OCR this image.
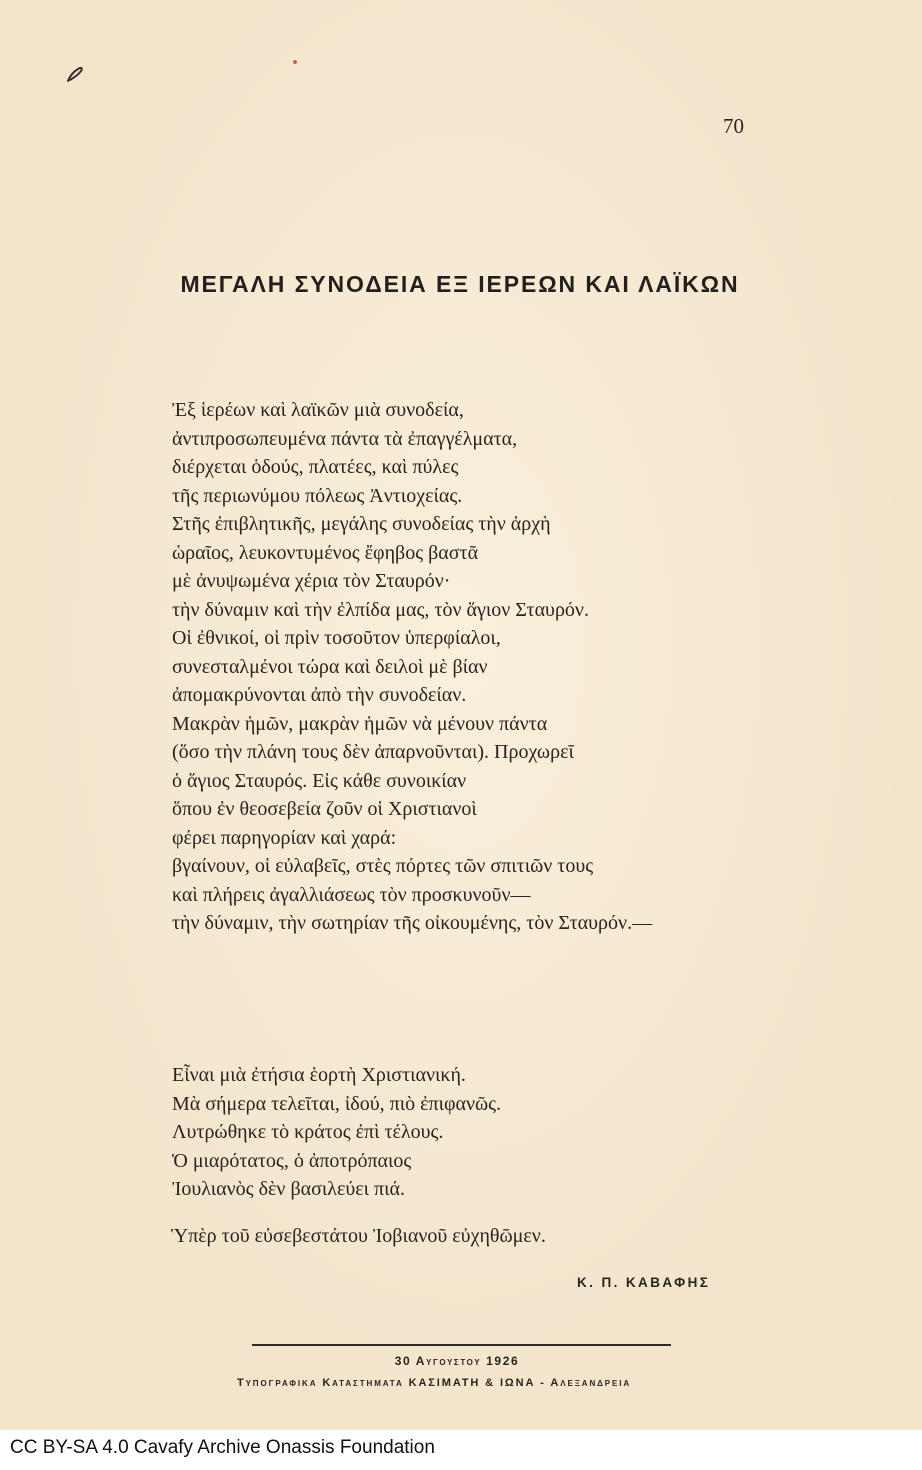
70
ΜΕΓΑΛΗ ΣΥΝΟΔΕΙΑ ΕΞ ΙΕΡΕΩΝ ΚΑΙ ΛΑΪΚΩΝ
Ἐξ ἱερέων καὶ λαϊκῶν μιὰ συνοδεία,
ἀντιπροσωπευμένα πάντα τὰ ἐπαγγέλματα,
διέρχεται ὁδούς, πλατέες, καὶ πύλες
τῆς περιωνύμου πόλεως Ἀντιοχείας.
Στῆς ἐπιβλητικῆς, μεγάλης συνοδείας τὴν ἀρχὴ
ὡραῖος, λευκοντυμένος ἔφηβος βαστᾶ
μὲ ἀνυψωμένα χέρια τὸν Σταυρόν·
τὴν δύναμιν καὶ τὴν ἐλπίδα μας, τὸν ἅγιον Σταυρόν.
Οἱ ἐθνικοί, οἱ πρὶν τοσοῦτον ὑπερφίαλοι,
συνεσταλμένοι τώρα καὶ δειλοὶ μὲ βίαν
ἀπομακρύνονται ἀπὸ τὴν συνοδείαν.
Μακρὰν ἡμῶν, μακρὰν ἡμῶν νὰ μένουν πάντα
(ὅσο τὴν πλάνη τους δὲν ἀπαρνοῦνται). Προχωρεῖ
ὁ ἅγιος Σταυρός. Εἰς κάθε συνοικίαν
ὅπου ἐν θεοσεβεία ζοῦν οἱ Χριστιανοὶ
φέρει παρηγορίαν καὶ χαρά:
βγαίνουν, οἱ εὐλαβεῖς, στὲς πόρτες τῶν σπιτιῶν τους
καὶ πλήρεις ἀγαλλιάσεως τὸν προσκυνοῦν—
τὴν δύναμιν, τὴν σωτηρίαν τῆς οἰκουμένης, τὸν Σταυρόν.—
Εἶναι μιὰ ἐτήσια ἑορτὴ Χριστιανική.
Μὰ σήμερα τελεῖται, ἰδού, πιὸ ἐπιφανῶς.
Λυτρώθηκε τὸ κράτος ἐπὶ τέλους.
Ὁ μιαρότατος, ὁ ἀποτρόπαιος
Ἰουλιανὸς δὲν βασιλεύει πιά.
Ὑπὲρ τοῦ εὐσεβεστάτου Ἰοβιανοῦ εὐχηθῶμεν.
Κ. Π. ΚΑΒΑΦΗΣ
30 Αυγουστου 1926
Τυπογραφικα Καταστηματα ΚΑΣΙΜΑΤΗ & ΙΩΝΑ - Αλεξανδρεια
CC BY-SA 4.0 Cavafy Archive Onassis Foundation
